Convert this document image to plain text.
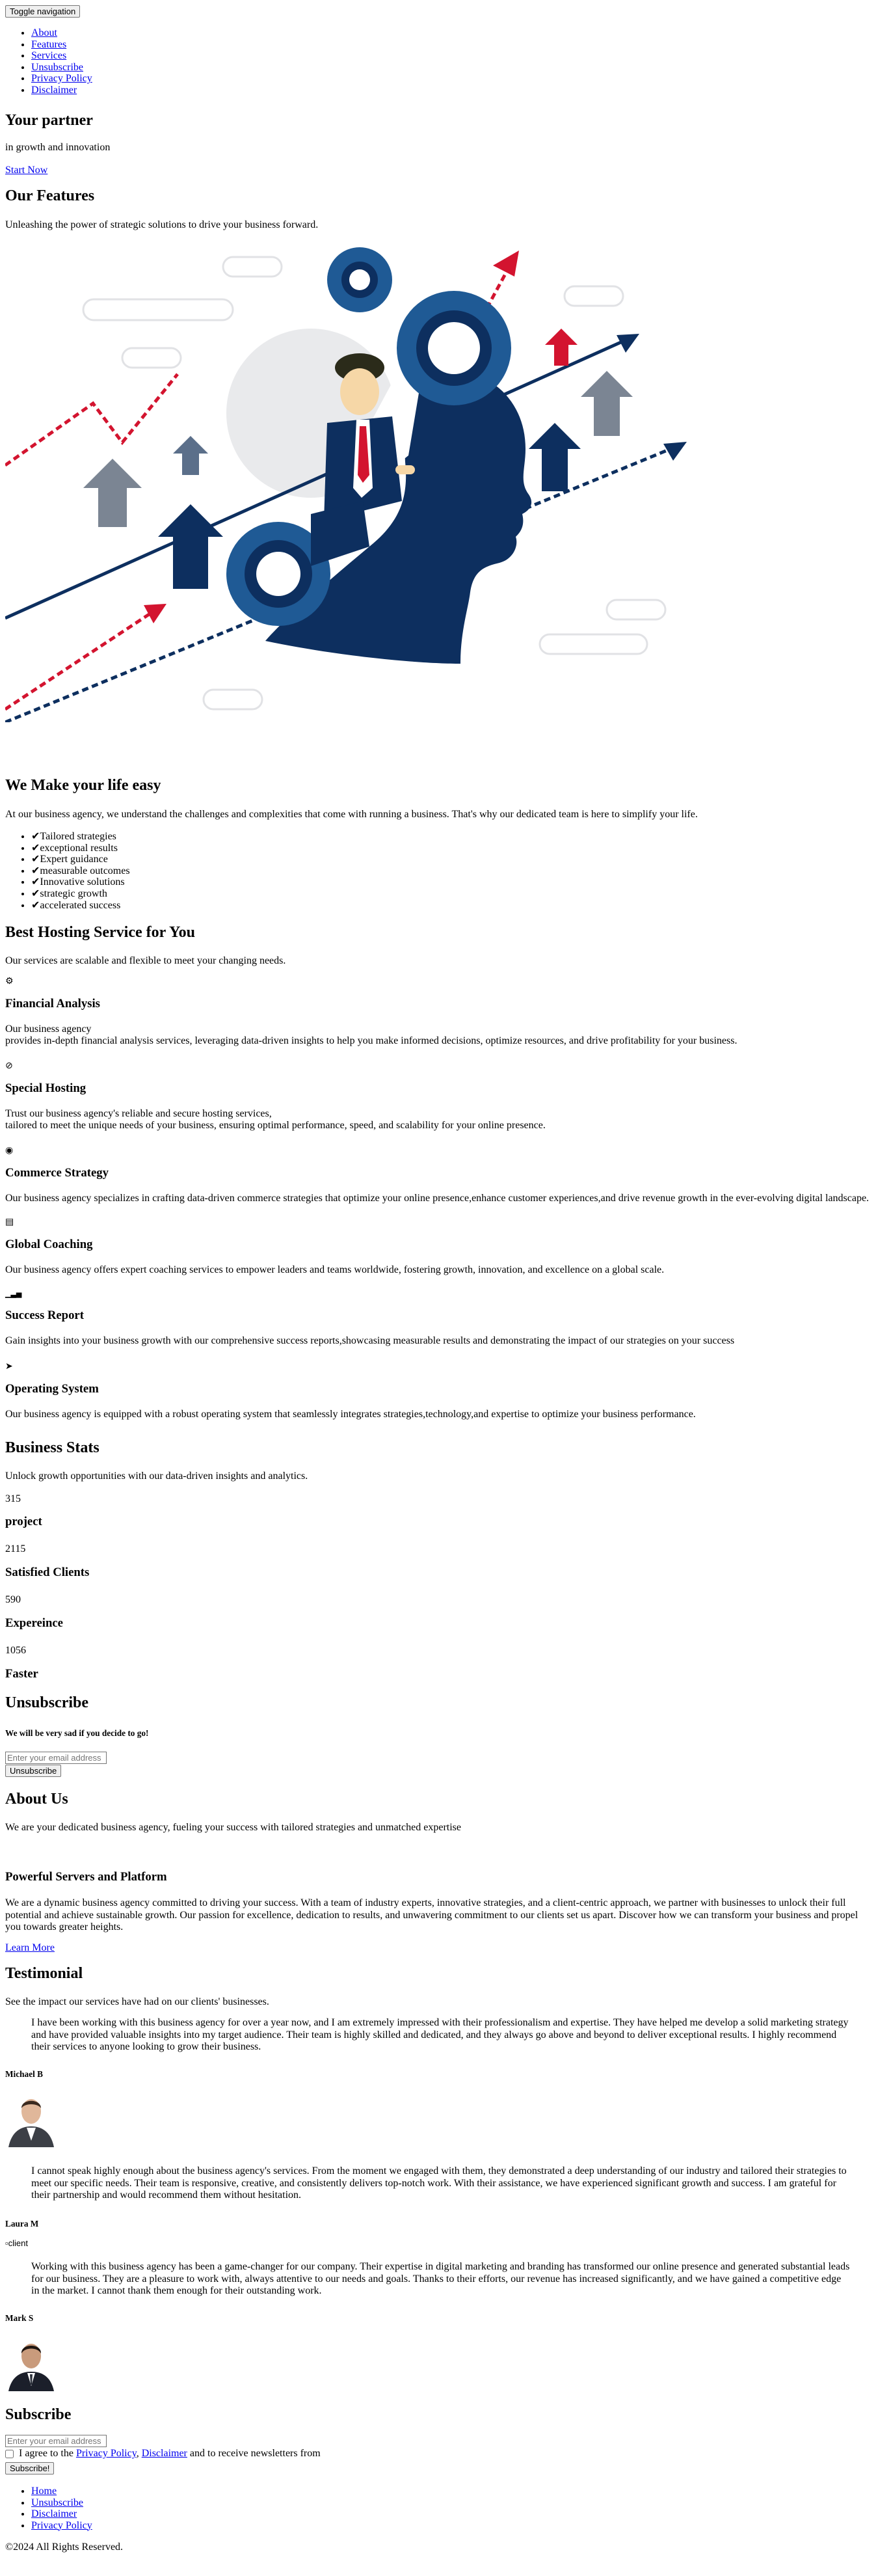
Toggle navigation
• About
• Features
• Services
• Unsubscribe
• Privacy Policy
• Disclaimer
Your partner

in growth and innovation

Start Now
Our Features

Unleashing the power of strategic solutions to drive your business forward.

We Make your life easy

At our business agency, we understand the challenges and complexities that come with running a business. That's why our dedicated team is here to simplify your life.

• ✔Tailored strategies
• ✔exceptional results
• ✔Expert guidance
• ✔measurable outcomes
• ✔Innovative solutions
• ✔strategic growth
• ✔accelerated success
Best Hosting Service for You

Our services are scalable and flexible to meet your changing needs.

⚙
Financial Analysis

Our business agency

provides in-depth financial analysis services, leveraging data-driven insights to help you make informed decisions, optimize resources, and drive profitability for your business.

⊘
Special Hosting

Trust our business agency's reliable and secure hosting services,

tailored to meet the unique needs of your business, ensuring optimal performance, speed, and scalability for your online presence.

◉
Commerce Strategy

Our business agency specializes in crafting data-driven commerce strategies that optimize your online presence,enhance customer experiences,and drive revenue growth in the ever-evolving digital landscape.

▤
Global Coaching

Our business agency offers expert coaching services to empower leaders and teams worldwide, fostering growth, innovation, and excellence on a global scale.

▁▃▅
Success Report

Gain insights into your business growth with our comprehensive success reports,showcasing measurable results and demonstrating the impact of our strategies on your success

➤
Operating System

Our business agency is equipped with a robust operating system that seamlessly integrates strategies,technology,and expertise to optimize your business performance.

Business Stats

Unlock growth opportunities with our data-driven insights and analytics.

315

project

2115

Satisfied Clients

590

Expereince

1056

Faster
Unsubscribe
We will be very sad if you decide to go!
Enter your email address
Unsubscribe
About Us

We are your dedicated business agency, fueling your success with tailored strategies and unmatched expertise

Powerful Servers and Platform

We are a dynamic business agency committed to driving your success. With a team of industry experts, innovative strategies, and a client-centric approach, we partner with businesses to unlock their full potential and achieve sustainable growth. Our passion for excellence, dedication to results, and unwavering commitment to our clients set us apart. Discover how we can transform your business and propel you towards greater heights.

Learn More
Testimonial

See the impact our services have had on our clients' businesses.

I have been working with this business agency for over a year now, and I am extremely impressed with their professionalism and expertise. They have helped me develop a solid marketing strategy and have provided valuable insights into my target audience. Their team is highly skilled and dedicated, and they always go above and beyond to deliver exceptional results. I highly recommend their services to anyone looking to grow their business.

Michael B

I cannot speak highly enough about the business agency's services. From the moment we engaged with them, they demonstrated a deep understanding of our industry and tailored their strategies to meet our specific needs. Their team is responsive, creative, and consistently delivers top-notch work. With their assistance, we have experienced significant growth and success. I am grateful for their partnership and would recommend them without hesitation.

Laura M
▫client

Working with this business agency has been a game-changer for our company. Their expertise in digital marketing and branding has transformed our online presence and generated substantial leads for our business. They are a pleasure to work with, always attentive to our needs and goals. Thanks to their efforts, our revenue has increased significantly, and we have gained a competitive edge in the market. I cannot thank them enough for their outstanding work.

Mark S
Subscribe
Enter your email address
I agree to the Privacy Policy, Disclaimer and to receive newsletters from
Subscribe!
• Home
• Unsubscribe
• Disclaimer
• Privacy Policy

©2024 All Rights Reserved.
